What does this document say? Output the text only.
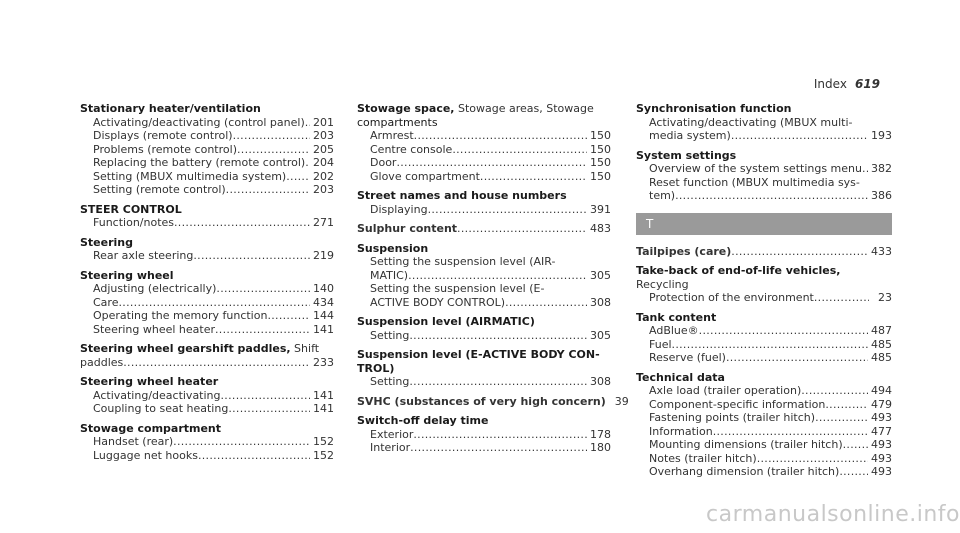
Index 619
Stationary heater/ventilation
Activating/deactivating (control panel) ..... 201
Displays (remote control) .....	203
Problems (remote control) .....	205
Replacing the battery (remote control) ..... 204
Setting (MBUX multimedia system) ..... 202
Setting (remote control) .....	203
STEER CONTROL
Function/notes .....	271
Steering
Rear axle steering .....	219
Steering wheel
Adjusting (electrically) .....	140
Care .....	434
Operating the memory function .....	144
Steering wheel heater .....	141
Steering wheel gearshift paddles, Shift
paddles .....	233
Steering wheel heater
Activating/deactivating .....	141
Coupling to seat heating .....	141
Stowage compartment
Handset (rear) .....	152
Luggage net hooks .....	152
Stowage space, Stowage areas, Stowage
compartments
Armrest .....	150
Centre console .....	150
Door .....	150
Glove compartment .....	150
Street names and house numbers
Displaying .....	391
Sulphur content .....	483
Suspension
Setting the suspension level (AIR-
MATIC) .....	305
Setting the suspension level (E-
ACTIVE BODY CONTROL) .....	308
Suspension level (AIRMATIC)
Setting .....	305
Suspension level (E-ACTIVE BODY CON-
TROL)
Setting .....	308
SVHC (substances of very high concern) 39
Switch-off delay time
Exterior .....	178
Interior .....	180
Synchronisation function
Activating/deactivating (MBUX multi-
media system) .....	193
System settings
Overview of the system settings menu ..... 382
Reset function (MBUX multimedia sys-
tem) .....	386
T
Tailpipes (care) .....	433
Take-back of end-of-life vehicles, Recycling
Protection of the environment .....	23
Tank content
AdBlue® .....	487
Fuel .....	485
Reserve (fuel) .....	485
Technical data
Axle load (trailer operation) .....	494
Component-specific information .....	479
Fastening points (trailer hitch) .....	493
Information .....	477
Mounting dimensions (trailer hitch) .....	493
Notes (trailer hitch) .....	493
Overhang dimension (trailer hitch) .....	493
carmanualsonline.info
